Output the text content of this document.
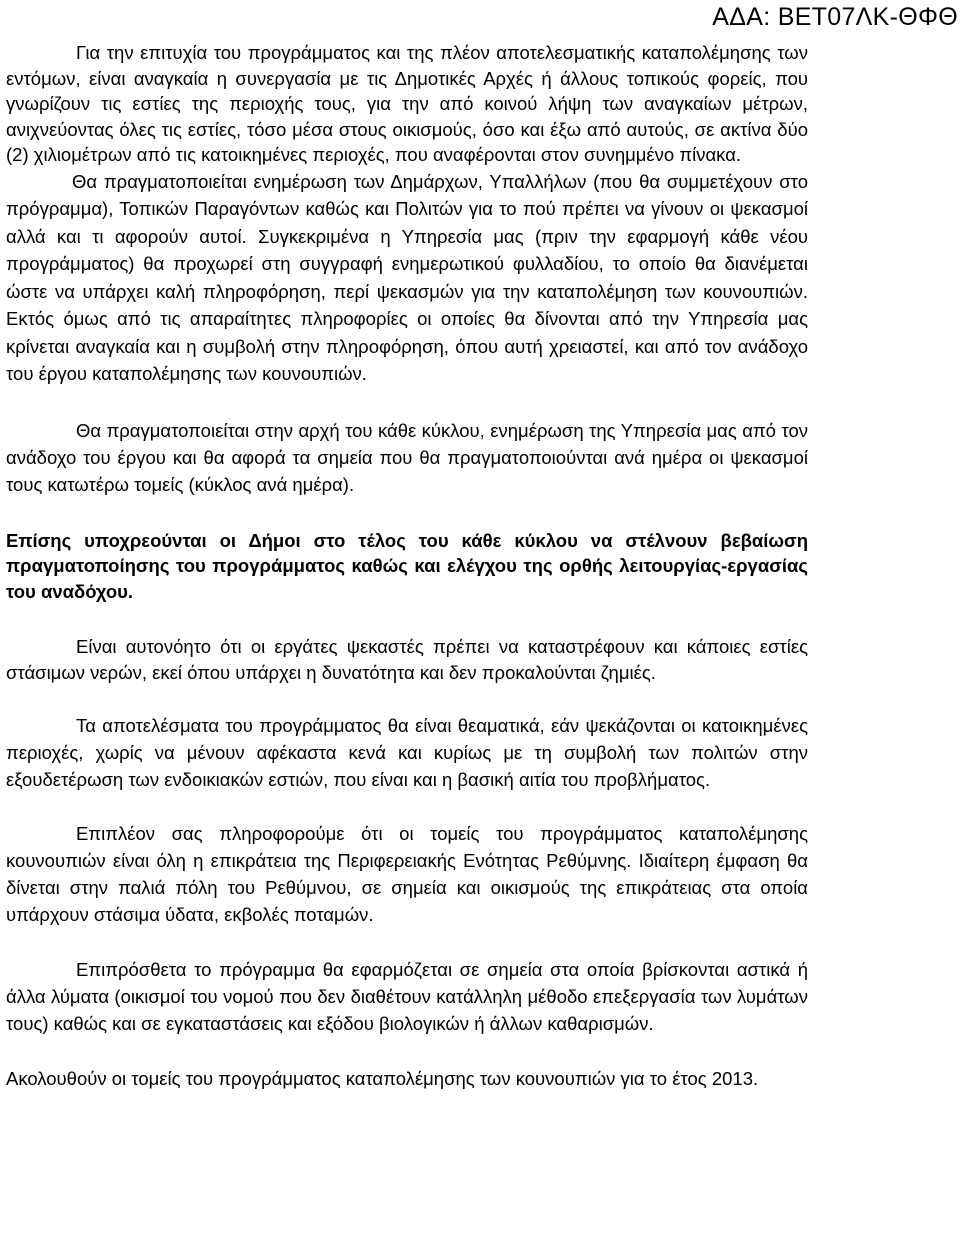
ΑΔΑ: ΒΕΤ07ΛΚ-ΘΦΘ

Για την επιτυχία του προγράμματος και της πλέον αποτελεσματικής καταπολέμησης των εντόμων, είναι αναγκαία η συνεργασία με τις Δημοτικές Αρχές ή άλλους τοπικούς φορείς, που γνωρίζουν τις εστίες της περιοχής τους, για την από κοινού λήψη των αναγκαίων μέτρων, ανιχνεύοντας όλες τις εστίες, τόσο μέσα στους οικισμούς, όσο και έξω από αυτούς, σε ακτίνα δύο (2) χιλιομέτρων από τις κατοικημένες περιοχές, που αναφέρονται στον συνημμένο πίνακα.

Θα πραγματοποιείται ενημέρωση των Δημάρχων, Υπαλλήλων (που θα συμμετέχουν στο πρόγραμμα), Τοπικών Παραγόντων καθώς και Πολιτών για το πού πρέπει να γίνουν οι ψεκασμοί αλλά και τι αφορούν αυτοί. Συγκεκριμένα η Υπηρεσία μας (πριν την εφαρμογή κάθε νέου προγράμματος) θα προχωρεί στη συγγραφή ενημερωτικού φυλλαδίου, το οποίο θα διανέμεται ώστε να υπάρχει καλή πληροφόρηση, περί ψεκασμών για την καταπολέμηση των κουνουπιών. Εκτός όμως από τις απαραίτητες πληροφορίες οι οποίες θα δίνονται από την Υπηρεσία μας κρίνεται αναγκαία και η συμβολή στην πληροφόρηση, όπου αυτή χρειαστεί, και από τον ανάδοχο του έργου καταπολέμησης των κουνουπιών.

Θα πραγματοποιείται στην αρχή του κάθε κύκλου, ενημέρωση της Υπηρεσία μας από τον ανάδοχο του έργου και θα αφορά τα σημεία που θα πραγματοποιούνται ανά ημέρα οι ψεκασμοί τους κατωτέρω τομείς (κύκλος ανά ημέρα).

Επίσης υποχρεούνται οι Δήμοι στο τέλος του κάθε κύκλου να στέλνουν βεβαίωση πραγματοποίησης του προγράμματος καθώς και ελέγχου της ορθής λειτουργίας-εργασίας του αναδόχου.

Είναι αυτονόητο ότι οι εργάτες ψεκαστές πρέπει να καταστρέφουν και κάποιες εστίες στάσιμων νερών, εκεί όπου υπάρχει η δυνατότητα και δεν προκαλούνται ζημιές.

Τα αποτελέσματα του προγράμματος θα είναι θεαματικά, εάν ψεκάζονται οι κατοικημένες περιοχές, χωρίς να μένουν αφέκαστα κενά και κυρίως με τη συμβολή των πολιτών στην εξουδετέρωση των ενδοικιακών εστιών, που είναι και η βασική αιτία του προβλήματος.

Επιπλέον σας πληροφορούμε ότι οι τομείς του προγράμματος καταπολέμησης κουνουπιών είναι όλη η επικράτεια της Περιφερειακής Ενότητας Ρεθύμνης. Ιδιαίτερη έμφαση θα δίνεται στην παλιά πόλη του Ρεθύμνου, σε σημεία και οικισμούς της επικράτειας στα οποία υπάρχουν στάσιμα ύδατα, εκβολές ποταμών.

Επιπρόσθετα το πρόγραμμα θα εφαρμόζεται σε σημεία στα οποία βρίσκονται αστικά ή άλλα λύματα (οικισμοί του νομού που δεν διαθέτουν κατάλληλη μέθοδο επεξεργασία των λυμάτων τους) καθώς και σε εγκαταστάσεις και εξόδου βιολογικών ή άλλων καθαρισμών.

Ακολουθούν οι τομείς του προγράμματος καταπολέμησης των κουνουπιών για το έτος 2013.
